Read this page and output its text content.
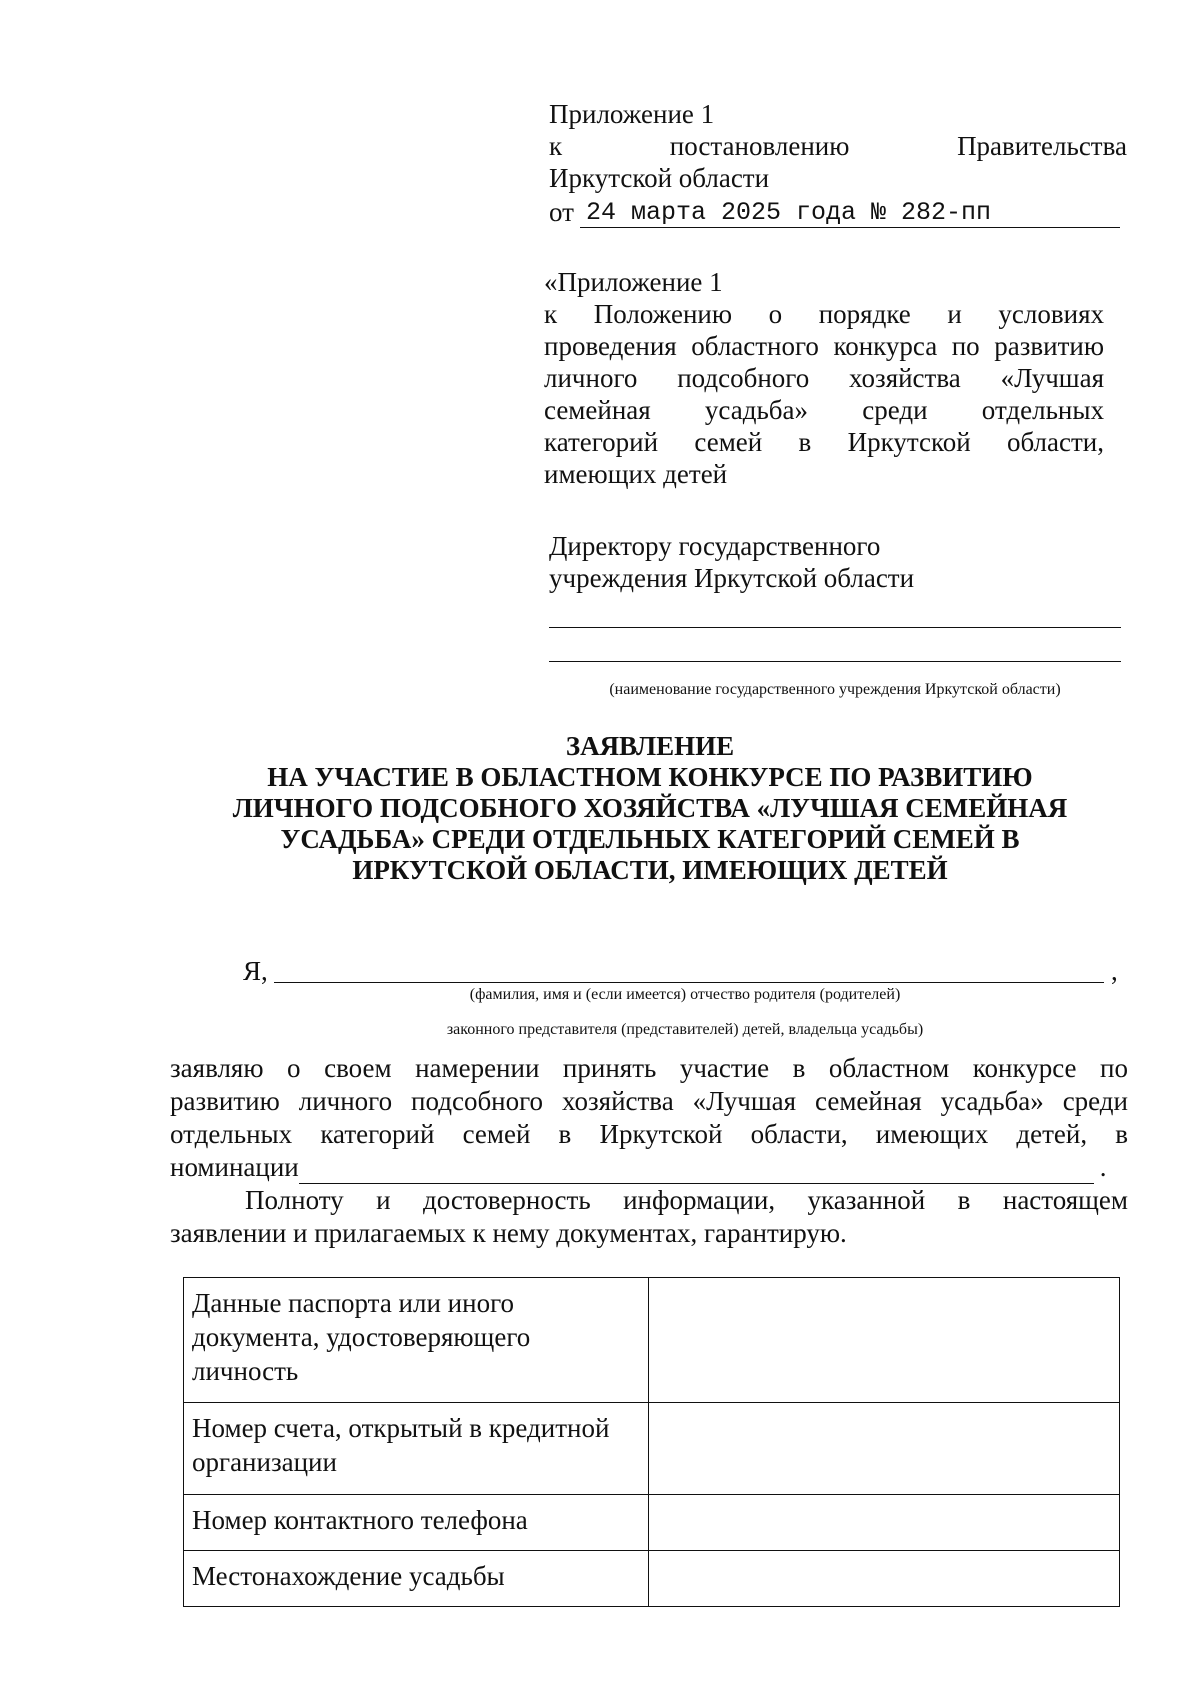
Приложение 1
к	постановлению	Правительства
Иркутской области
от 24 марта 2025 года № 282-пп
«Приложение 1
к Положению о порядке и условиях
проведения областного конкурса по развитию
личного подсобного хозяйства «Лучшая
семейная усадьба» среди отдельных
категорий семей в Иркутской области,
имеющих детей
Директору государственного
учреждения Иркутской области
(наименование государственного учреждения Иркутской области)
ЗАЯВЛЕНИЕ
НА УЧАСТИЕ В ОБЛАСТНОМ КОНКУРСЕ ПО РАЗВИТИЮ
ЛИЧНОГО ПОДСОБНОГО ХОЗЯЙСТВА «ЛУЧШАЯ СЕМЕЙНАЯ
УСАДЬБА» СРЕДИ ОТДЕЛЬНЫХ КАТЕГОРИЙ СЕМЕЙ В
ИРКУТСКОЙ ОБЛАСТИ, ИМЕЮЩИХ ДЕТЕЙ
Я,	,
(фамилия, имя и (если имеется) отчество родителя (родителей)
законного представителя (представителей) детей, владельца усадьбы)
заявляю о своем намерении принять участие в областном конкурсе по
развитию личного подсобного хозяйства «Лучшая семейная усадьба» среди
отдельных категорий семей в Иркутской области, имеющих детей, в
номинации	.
Полноту и достоверность информации, указанной в настоящем
заявлении и прилагаемых к нему документах, гарантирую.
Данные паспорта или иного документа, удостоверяющего личность	
Номер счета, открытый в кредитной организации	
Номер контактного телефона	
Местонахождение усадьбы	
